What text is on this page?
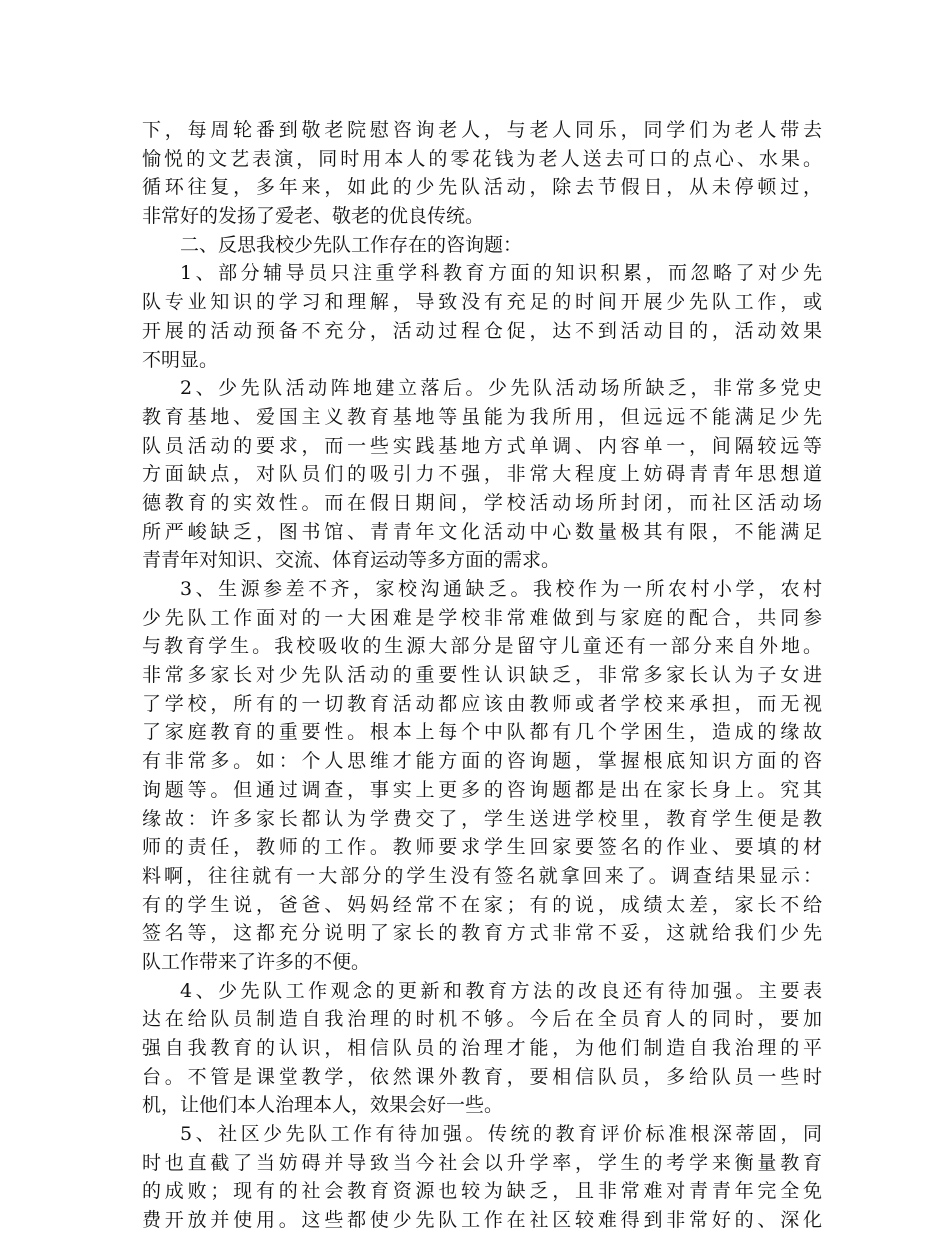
下，每周轮番到敬老院慰咨询老人，与老人同乐，同学们为老人带去
愉悦的文艺表演，同时用本人的零花钱为老人送去可口的点心、水果。
循环往复，多年来，如此的少先队活动，除去节假日，从未停顿过，
非常好的发扬了爱老、敬老的优良传统。
二、反思我校少先队工作存在的咨询题：
1、部分辅导员只注重学科教育方面的知识积累，而忽略了对少先
队专业知识的学习和理解，导致没有充足的时间开展少先队工作，或
开展的活动预备不充分，活动过程仓促，达不到活动目的，活动效果
不明显。
2、少先队活动阵地建立落后。少先队活动场所缺乏，非常多党史
教育基地、爱国主义教育基地等虽能为我所用，但远远不能满足少先
队员活动的要求，而一些实践基地方式单调、内容单一，间隔较远等
方面缺点，对队员们的吸引力不强，非常大程度上妨碍青青年思想道
德教育的实效性。而在假日期间，学校活动场所封闭，而社区活动场
所严峻缺乏，图书馆、青青年文化活动中心数量极其有限，不能满足
青青年对知识、交流、体育运动等多方面的需求。
3、生源参差不齐，家校沟通缺乏。我校作为一所农村小学，农村
少先队工作面对的一大困难是学校非常难做到与家庭的配合，共同参
与教育学生。我校吸收的生源大部分是留守儿童还有一部分来自外地。
非常多家长对少先队活动的重要性认识缺乏，非常多家长认为子女进
了学校，所有的一切教育活动都应该由教师或者学校来承担，而无视
了家庭教育的重要性。根本上每个中队都有几个学困生，造成的缘故
有非常多。如：个人思维才能方面的咨询题，掌握根底知识方面的咨
询题等。但通过调查，事实上更多的咨询题都是出在家长身上。究其
缘故：许多家长都认为学费交了，学生送进学校里，教育学生便是教
师的责任，教师的工作。教师要求学生回家要签名的作业、要填的材
料啊，往往就有一大部分的学生没有签名就拿回来了。调查结果显示：
有的学生说，爸爸、妈妈经常不在家；有的说，成绩太差，家长不给
签名等，这都充分说明了家长的教育方式非常不妥，这就给我们少先
队工作带来了许多的不便。
4、少先队工作观念的更新和教育方法的改良还有待加强。主要表
达在给队员制造自我治理的时机不够。今后在全员育人的同时，要加
强自我教育的认识，相信队员的治理才能，为他们制造自我治理的平
台。不管是课堂教学，依然课外教育，要相信队员，多给队员一些时
机，让他们本人治理本人，效果会好一些。
5、社区少先队工作有待加强。传统的教育评价标准根深蒂固，同
时也直截了当妨碍并导致当今社会以升学率，学生的考学来衡量教育
的成败；现有的社会教育资源也较为缺乏，且非常难对青青年完全免
费开放并使用。这些都使少先队工作在社区较难得到非常好的、深化
